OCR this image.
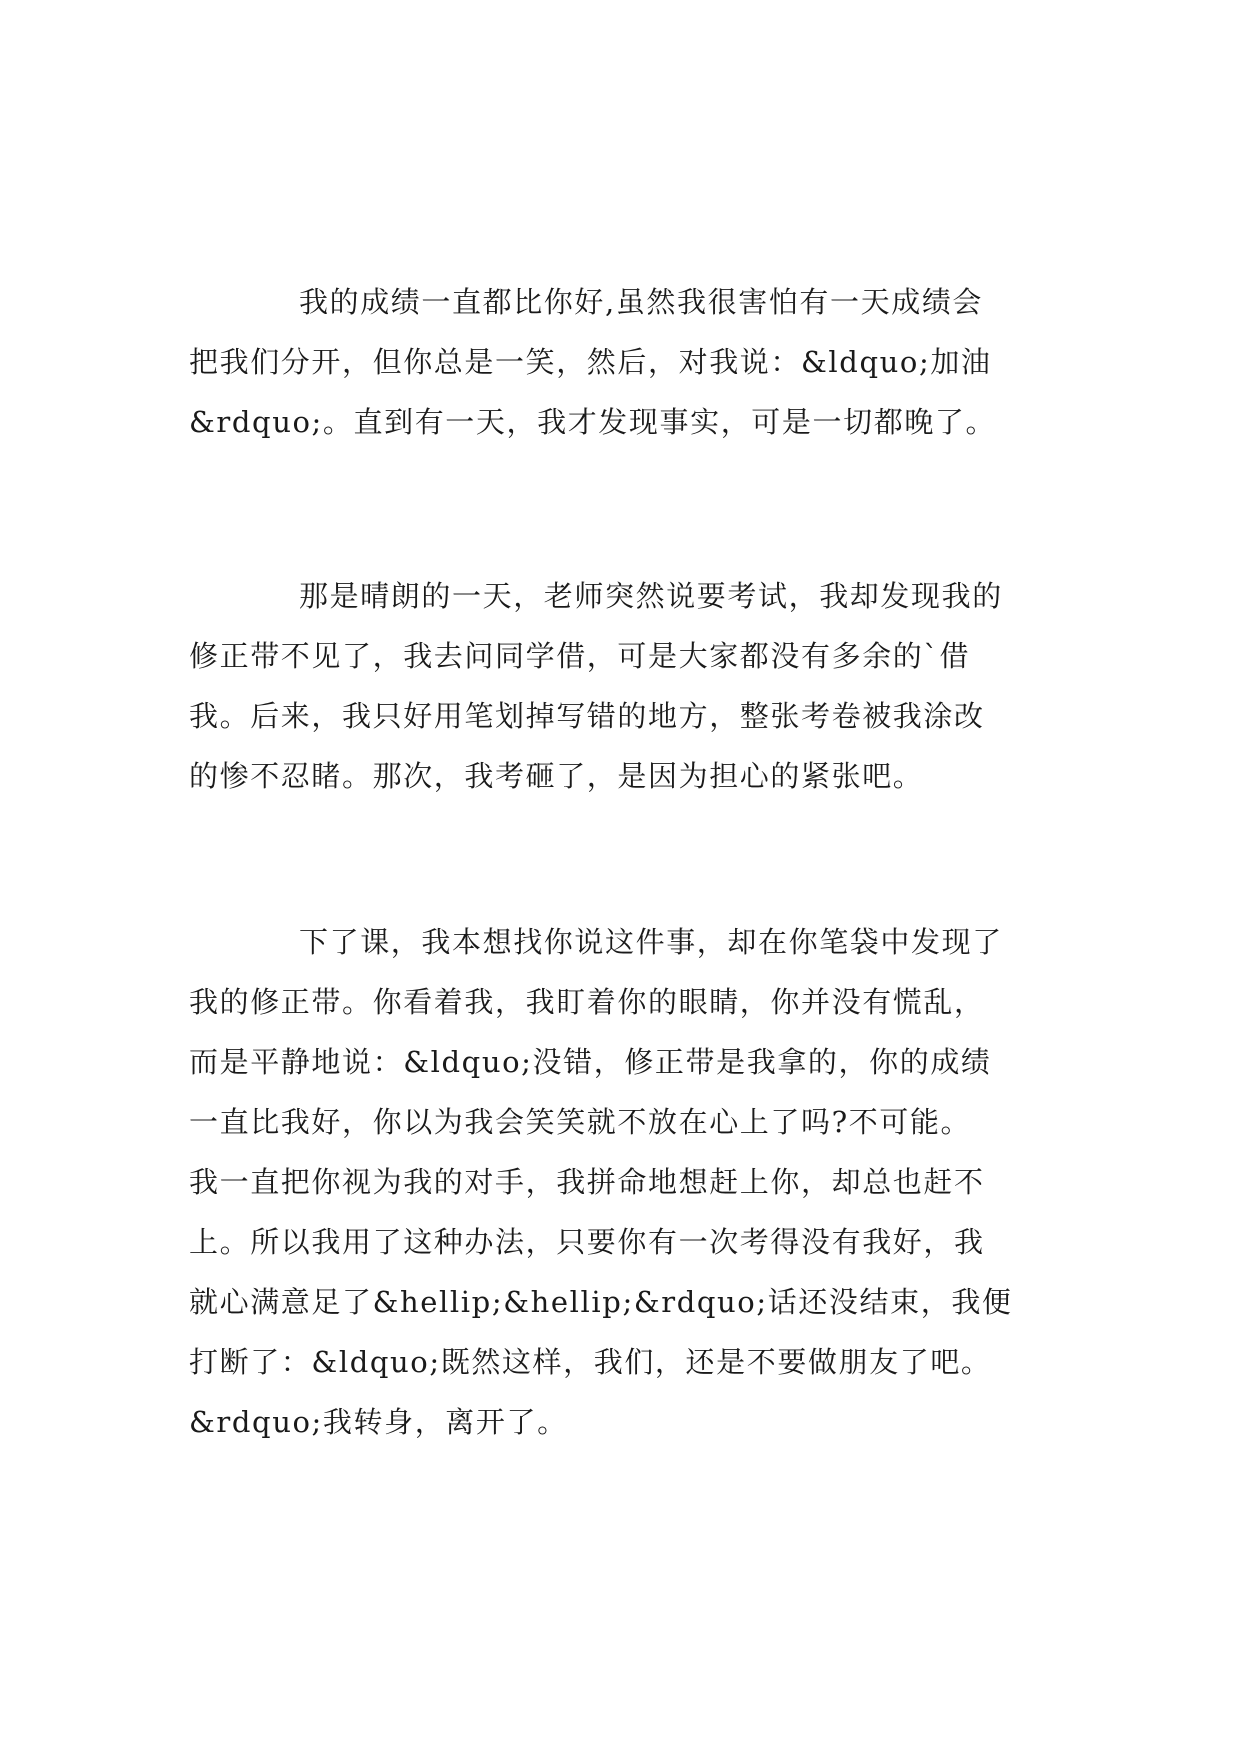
我的成绩一直都比你好,虽然我很害怕有一天成绩会
把我们分开，但你总是一笑，然后，对我说：&ldquo;加油
&rdquo;。直到有一天，我才发现事实，可是一切都晚了。
那是晴朗的一天，老师突然说要考试，我却发现我的
修正带不见了，我去问同学借，可是大家都没有多余的`借
我。后来，我只好用笔划掉写错的地方，整张考卷被我涂改
的惨不忍睹。那次，我考砸了，是因为担心的紧张吧。
下了课，我本想找你说这件事，却在你笔袋中发现了
我的修正带。你看着我，我盯着你的眼睛，你并没有慌乱，
而是平静地说：&ldquo;没错，修正带是我拿的，你的成绩
一直比我好，你以为我会笑笑就不放在心上了吗?不可能。
我一直把你视为我的对手，我拼命地想赶上你，却总也赶不
上。所以我用了这种办法，只要你有一次考得没有我好，我
就心满意足了&hellip;&hellip;&rdquo;话还没结束，我便
打断了：&ldquo;既然这样，我们，还是不要做朋友了吧。
&rdquo;我转身，离开了。
